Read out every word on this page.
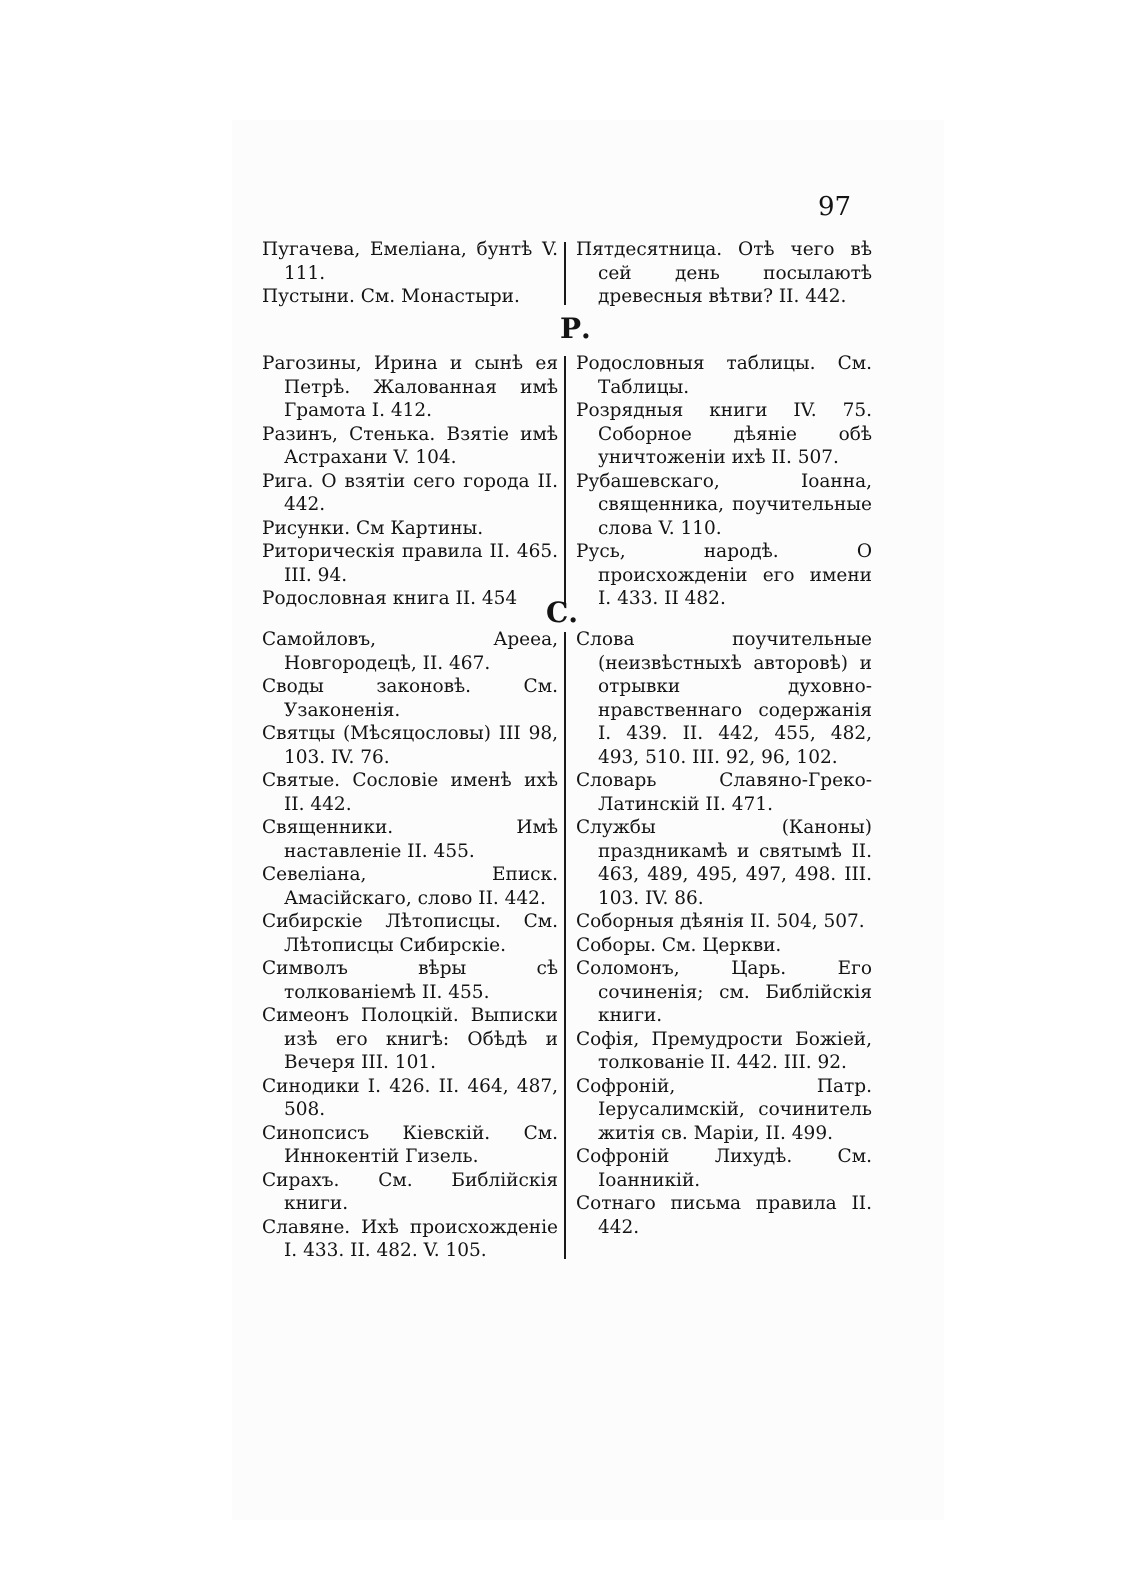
97
Пугачева, Емеліана, бунтѣ V. 111.
Пустыни. См. Монастыри.
Пятдесятница. Отѣ чего вѣ сей день посылаютѣ древесныя вѣтви? II. 442.
Р.
Рагозины, Ирина и сынѣ ея Петрѣ. Жалованная имѣ Грамота I. 412.
Разинъ, Стенька. Взятіе имѣ Астрахани V. 104.
Рига. О взятіи сего города II. 442.
Рисунки. См Картины.
Риторическія правила II. 465. III. 94.
Родословная книга II. 454
Родословныя таблицы. См. Таблицы.
Розрядныя книги IV. 75. Соборное дѣяніе обѣ уничтоженіи ихѣ II. 507.
Рубашевскаго, Іоанна, священника, поучительные слова V. 110.
Русь, народѣ. О происхожденіи его имени I. 433. II 482.
С.
Самойловъ, Арееа, Новгородецѣ, II. 467.
Своды законовѣ. См. Узаконенія.
Святцы (Мѣсяцословы) III 98, 103. IV. 76.
Святые. Сословіе именѣ ихѣ II. 442.
Священники. Имѣ наставленіе II. 455.
Севеліана, Епиcк. Амасійскаго, слово II. 442.
Сибирскіе Лѣтописцы. См. Лѣтописцы Сибирскіе.
Символъ вѣры сѣ толкованіемѣ II. 455.
Симеонъ Полоцкій. Выписки изѣ его книгѣ: Обѣдѣ и Вечеря III. 101.
Синодики I. 426. II. 464, 487, 508.
Синопсисъ Кіевскій. См. Иннокентій Гизель.
Сирахъ. См. Библійскія книги.
Славяне. Ихѣ происхожденіе I. 433. II. 482. V. 105.
Слова поучительные (неизвѣстныхѣ авторовѣ) и отрывки духовно-нравственнаго содержанія I. 439. II. 442, 455, 482, 493, 510. III. 92, 96, 102.
Словарь Славяно-Греко-Латинскій II. 471.
Службы (Каноны) праздникамѣ и святымѣ II. 463, 489, 495, 497, 498. III. 103. IV. 86.
Соборныя дѣянія II. 504, 507.
Соборы. См. Церкви.
Соломонъ, Царь. Его сочиненія; см. Библійскія книги.
Софія, Премудрости Божіей, толкованіе II. 442. III. 92.
Софроній, Патр. Іерусалимскій, сочинитель житія св. Маріи, II. 499.
Софроній Лихудѣ. См. Іоанникій.
Сотнаго письма правила II. 442.
